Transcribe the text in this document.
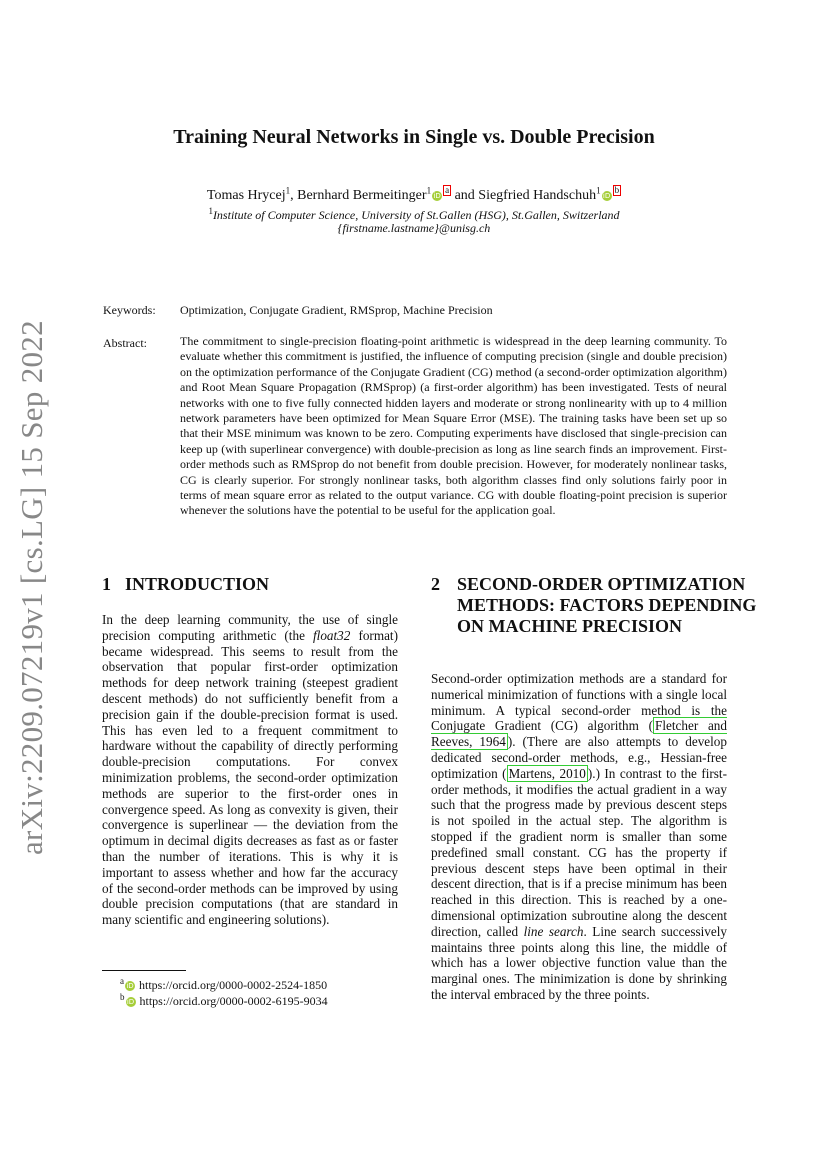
arXiv:2209.07219v1 [cs.LG] 15 Sep 2022
Training Neural Networks in Single vs. Double Precision
Tomas Hrycej$^1$, Bernhard Bermeitinger$^1$iDa and Siegfried Handschuh$^1$iDb
$^1$Institute of Computer Science, University of St.Gallen (HSG), St.Gallen, Switzerland
{firstname.lastname}@unisg.ch
Keywords: Optimization, Conjugate Gradient, RMSprop, Machine Precision
Abstract:	The commitment to single-precision floating-point arithmetic is widespread in the deep learning community. To evaluate whether this commitment is justified, the influence of computing precision (single and double precision) on the optimization performance of the Conjugate Gradient (CG) method (a second-order optimization algorithm) and Root Mean Square Propagation (RMSprop) (a first-order algorithm) has been investigated. Tests of neural networks with one to five fully connected hidden layers and moderate or strong nonlinearity with up to 4 million network parameters have been optimized for Mean Square Error (MSE). The training tasks have been set up so that their MSE minimum was known to be zero. Computing experiments have disclosed that single-precision can keep up (with superlinear convergence) with double-precision as long as line search finds an improvement. First-order methods such as RMSprop do not benefit from double precision. However, for moderately nonlinear tasks, CG is clearly superior. For strongly nonlinear tasks, both algorithm classes find only solutions fairly poor in terms of mean square error as related to the output variance. CG with double floating-point precision is superior whenever the solutions have the potential to be useful for the application goal.
1 INTRODUCTION
In the deep learning community, the use of single precision computing arithmetic (the float32 format) became widespread. This seems to result from the observation that popular first-order optimization methods for deep network training (steepest gradient descent methods) do not sufficiently benefit from a precision gain if the double-precision format is used. This has even led to a frequent commitment to hardware without the capability of directly performing double-precision computations. For convex minimization problems, the second-order optimization methods are superior to the first-order ones in convergence speed. As long as convexity is given, their convergence is superlinear — the deviation from the optimum in decimal digits decreases as fast as or faster than the number of iterations. This is why it is important to assess whether and how far the accuracy of the second-order methods can be improved by using double precision computations (that are standard in many scientific and engineering solutions).
2 SECOND-ORDER OPTIMIZATION METHODS: FACTORS DEPENDING ON MACHINE PRECISION
Second-order optimization methods are a standard for numerical minimization of functions with a single local minimum. A typical second-order method is the Conjugate Gradient (CG) algorithm ( Fletcher and Reeves, 1964 ). (There are also attempts to develop dedicated second-order methods, e.g., Hessian-free optimization ( Martens, 2010 ).) In contrast to the first-order methods, it modifies the actual gradient in a way such that the progress made by previous descent steps is not spoiled in the actual step. The algorithm is stopped if the gradient norm is smaller than some predefined small constant. CG has the property if previous descent steps have been optimal in their descent direction, that is if a precise minimum has been reached in this direction. This is reached by a one-dimensional optimization subroutine along the descent direction, called line search. Line search successively maintains three points along this line, the middle of which has a lower objective function value than the marginal ones. The minimization is done by shrinking the interval embraced by the three points.
$^a$ iD https://orcid.org/0000-0002-2524-1850
$^b$ iD https://orcid.org/0000-0002-6195-9034
